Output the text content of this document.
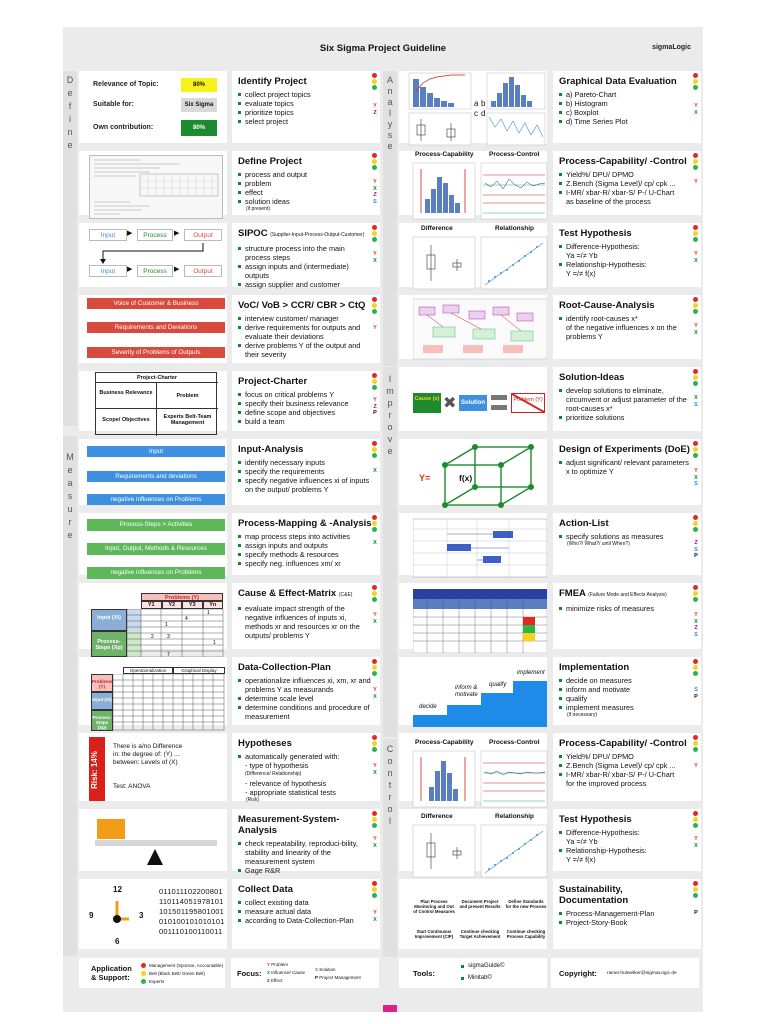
Six Sigma Project Guideline	sigmaLogic
D
e
f
i
n
e
M
e
a
s
u
r
e
A
n
a
l
y
s
e
I
m
p
r
o
v
e
C
o
n
t
r
o
l
Identify Project
collect project topics
evaluate topics
prioritize topics
select project
Y
Z
Define Project
process and output
problem
effect
solution ideas
(if present)
Y
X
Z
S
SIPOC (Supplier-Input-Process-Output-Customer)
structure process into the main process steps
assign inputs and (intermediate) outputs
assign supplier and customer
Y
X
VoC/ VoB > CCR/ CBR > CtQ
interview customer/ manager
derive requirements for outputs and evaluate their deviations
derive problems Y of the output and their severity
Y
Project-Charter
focus on critical problems Y
specify their business relevance
define scope and objectives
build a team
Y
Z
P
Input-Analysis
identify necessary inputs
specify the requirements
specify negative influences xi of inputs on the output/ problems Y
X
Process-Mapping & -Analysis
map process steps into activities
assign inputs and outputs
specify methods & resources
specify neg. influences xm/ xr
X
Cause & Effect-Matrix (C&E)
evaluate impact strength of the negative influences of inputs xi, methods xr and resources xr on the outputs/ problems Y
Y
X
Data-Collection-Plan
operationalize influences xi, xm, xr and problems Y as measurands
determine scale level
determine conditions and procedure of measurement
Y
X
Hypotheses
automatically generated with:
- type of hypothesis
(Difference/ Relationship)
- relevance of hypothesis
- appropriate statistical tests
(Risk)
Y
X
Measurement-System-Analysis
check repeatability, reproduci-bility, stability and linearity of the measurement system
Gage R&R
Y
X
Collect Data
collect existing data
measure actual data
according to Data-Collection-Plan
Y
X
Graphical Data Evaluation
a) Pareto-Chart
b) Histogram
c) Boxplot
d) Time Series Plot
Y
X
Process-Capability/ -Control
Yield%/ DPU/ DPMO
Z.Bench (Sigma Level)/ cp/ cpk ...
I-MR/ xbar-R/ xbar-S/ P-/ U-Chart
as baseline of the process
Y
Test Hypothesis
Difference-Hypothesis:
Ya =/≠ Yb
Relationship-Hypothesis:
Y =/≠ f(x)
Y
X
Root-Cause-Analysis
identify root-causes x*
of the negative influences x on the problems Y
Y
X
Solution-Ideas
develop solutions to eliminate, circumvent or adjust parameter of the root-causes x*
prioritize solutions
X
S
Design of Experiments (DoE)
adjust significant/ relevant parameters x to optimize Y	Y
X
S
Action-List
specify solutions as measures
(Who?/ What?/ until When?)	Z
S
P
FMEA (Failure Mode and Effects Analysis)
minimize risks of measures
Y
X
Z
S
Implementation
decide on measures
inform and motivate
qualify
implement measures
(if necessary)
S
P
Process-Capability/ -Control
Yield%/ DPU/ DPMO
Z.Bench (Sigma Level)/ cp/ cpk ...
I-MR/ xbar-R/ xbar-S/ P-/ U-Chart
for the improved process
Y
Test Hypothesis
Difference-Hypothesis:
Ya =/≠ Yb
Relationship-Hypothesis:
Y =/≠ f(x)
Y
X
Sustainability, Documentation
Process-Management-Plan
Project-Story-Book
P
Relevance of Topic:	80%
Suitable for:	Six Sigma
Own contribution:	80%
Input	▶	Process	▶	Output
Input	▶	Process	▶	Output
Voice of Customer & Business
Requirements and Deviations
Severity of Problems of Outputs
Project-Charter
Business Relevance	Problem
Scope/ Objectives	Experts Belt-Team Management
Input
Requirements and deviations
negative influences on Problems
Process-Steps > Activities
Input, Output, Methods & Resources
negative influences on Problems
Problems (Y)
Y1	Y2	Y3	Yn
Input (Xi)
Process-Steps (Xp)
1
4
1
2	3
1
7
Operationalization	Graphical Display
Problems (Y)
Input (Xi)
Process-Steps (Xp)
Risk: 14%
There is a/no Difference
in: the degree of: (Y) ...
between: Levels of (X)
Test: ANOVA
12
9	3
6
011011102200801
110114051978101
101501195801001
010100101010101
001110100110011
a b
c d
Process-Capability Process-Control
Difference	Relationship
Cause (x) ✖ Solution	Problem (Y)
Y=	f(x)
decide
inform & motivate
qualify
implement
Process-Capability Process-Control
Difference	Relationship
Plan Process Monitoring and Out of Control Measures
Document Project and present Results
Define Standards for the new Process
Start Continuous Improvement (CIP)
Continue checking Target Achievement
Continue checking Process Capability
Application & Support:
Management (Sponsor, Accountable)
Belt (Black Belt/ Green Belt)
Experts
Focus:
Y Problem
X Influence/ Cause
Z Effect
S Solution
P Project Management	Tools:
sigmaGuide©
Minitab©	Copyright: rainer.hutwelker@sigmaLogic.de
